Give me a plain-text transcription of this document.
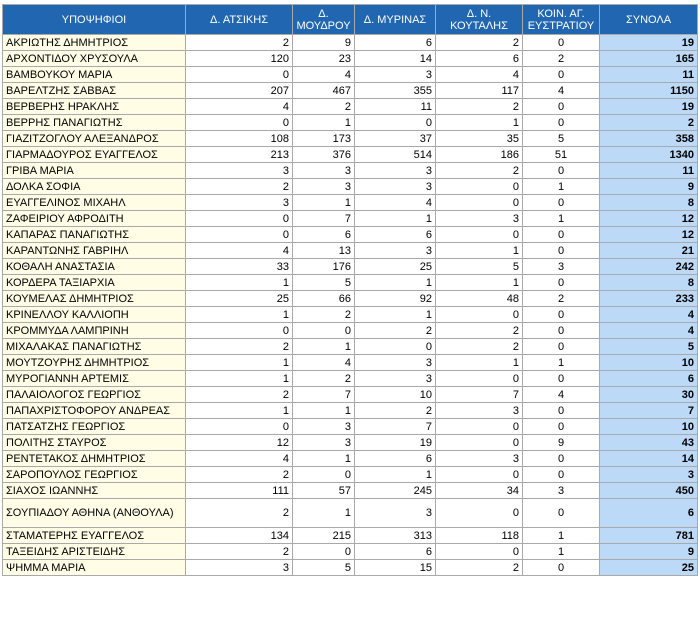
ΥΠΟΨΗΦΙΟΙ	Δ. ΑΤΣΙΚΗΣ	Δ. ΜΟΥΔΡΟΥ	Δ. ΜΥΡΙΝΑΣ	Δ. Ν. ΚΟΥΤΑΛΗΣ	ΚΟΙΝ. ΑΓ. ΕΥΣΤΡΑΤΙΟΥ	ΣΥΝΟΛΑ
ΑΚΡΙΩΤΗΣ ΔΗΜΗΤΡΙΟΣ	2	9	6	2	0	19
ΑΡΧΟΝΤΙΔΟΥ ΧΡΥΣΟΥΛΑ	120	23	14	6	2	165
ΒΑΜΒΟΥΚΟΥ ΜΑΡΙΑ	0	4	3	4	0	11
ΒΑΡΕΛΤΖΗΣ ΣΑΒΒΑΣ	207	467	355	117	4	1150
ΒΕΡΒΕΡΗΣ ΗΡΑΚΛΗΣ	4	2	11	2	0	19
ΒΕΡΡΗΣ ΠΑΝΑΓΙΩΤΗΣ	0	1	0	1	0	2
ΓΙΑΖΙΤΖΟΓΛΟΥ ΑΛΕΞΑΝΔΡΟΣ	108	173	37	35	5	358
ΓΙΑΡΜΑΔΟΥΡΟΣ ΕΥΑΓΓΕΛΟΣ	213	376	514	186	51	1340
ΓΡΙΒΑ ΜΑΡΙΑ	3	3	3	2	0	11
ΔΟΛΚΑ ΣΟΦΙΑ	2	3	3	0	1	9
ΕΥΑΓΓΕΛΙΝΟΣ ΜΙΧΑΗΛ	3	1	4	0	0	8
ΖΑΦΕΙΡΙΟΥ ΑΦΡΟΔΙΤΗ	0	7	1	3	1	12
ΚΑΠΑΡΑΣ ΠΑΝΑΓΙΩΤΗΣ	0	6	6	0	0	12
ΚΑΡΑΝΤΩΝΗΣ ΓΑΒΡΙΗΛ	4	13	3	1	0	21
ΚΟΘΑΛΗ ΑΝΑΣΤΑΣΙΑ	33	176	25	5	3	242
ΚΟΡΔΕΡΑ ΤΑΞΙΑΡΧΙΑ	1	5	1	1	0	8
ΚΟΥΜΕΛΑΣ ΔΗΜΗΤΡΙΟΣ	25	66	92	48	2	233
ΚΡΙΝΕΛΛΟΥ ΚΑΛΛΙΟΠΗ	1	2	1	0	0	4
ΚΡΟΜΜΥΔΑ ΛΑΜΠΡΙΝΗ	0	0	2	2	0	4
ΜΙΧΑΛΑΚΑΣ ΠΑΝΑΓΙΩΤΗΣ	2	1	0	2	0	5
ΜΟΥΤΖΟΥΡΗΣ ΔΗΜΗΤΡΙΟΣ	1	4	3	1	1	10
ΜΥΡΟΓΙΑΝΝΗ ΑΡΤΕΜΙΣ	1	2	3	0	0	6
ΠΑΛΑΙΟΛΟΓΟΣ ΓΕΩΡΓΙΟΣ	2	7	10	7	4	30
ΠΑΠΑΧΡΙΣΤΟΦΟΡΟΥ ΑΝΔΡΕΑΣ	1	1	2	3	0	7
ΠΑΤΣΑΤΖΗΣ ΓΕΩΡΓΙΟΣ	0	3	7	0	0	10
ΠΟΛΙΤΗΣ ΣΤΑΥΡΟΣ	12	3	19	0	9	43
ΡΕΝΤΕΤΑΚΟΣ ΔΗΜΗΤΡΙΟΣ	4	1	6	3	0	14
ΣΑΡΟΠΟΥΛΟΣ ΓΕΩΡΓΙΟΣ	2	0	1	0	0	3
ΣΙΑΧΟΣ ΙΩΑΝΝΗΣ	111	57	245	34	3	450
ΣΟΥΠΙΑΔΟΥ ΑΘΗΝΑ (ΑΝΘΟΥΛΑ)	2	1	3	0	0	6
ΣΤΑΜΑΤΕΡΗΣ ΕΥΑΓΓΕΛΟΣ	134	215	313	118	1	781
ΤΑΞΕΙΔΗΣ ΑΡΙΣΤΕΙΔΗΣ	2	0	6	0	1	9
ΨΗΜΜΑ ΜΑΡΙΑ	3	5	15	2	0	25
